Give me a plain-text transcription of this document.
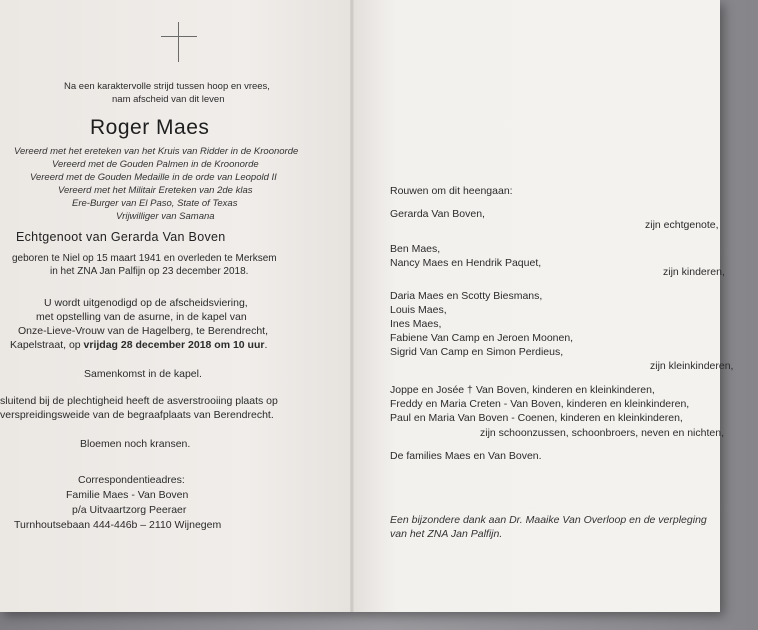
Na een karaktervolle strijd tussen hoop en vrees,
nam afscheid van dit leven
Roger Maes
Vereerd met het ereteken van het Kruis van Ridder in de Kroonorde
Vereerd met de Gouden Palmen in de Kroonorde
Vereerd met de Gouden Medaille in de orde van Leopold II
Vereerd met het Militair Ereteken van 2de klas
Ere-Burger van El Paso, State of Texas
Vrijwilliger van Samana
Echtgenoot van Gerarda Van Boven
geboren te Niel op 15 maart 1941 en overleden te Merksem
in het ZNA Jan Palfijn op 23 december 2018.
U wordt uitgenodigd op de afscheidsviering,
met opstelling van de asurne, in de kapel van
Onze-Lieve-Vrouw van de Hagelberg, te Berendrecht,
Kapelstraat, op vrijdag 28 december 2018 om 10 uur.
Samenkomst in de kapel.
sluitend bij de plechtigheid heeft de asverstrooiing plaats op
verspreidingsweide van de begraafplaats van Berendrecht.
Bloemen noch kransen.
Correspondentieadres:
Familie Maes - Van Boven
p/a Uitvaartzorg Peeraer
Turnhoutsebaan 444-446b – 2110 Wijnegem
Rouwen om dit heengaan:
Gerarda Van Boven,
zijn echtgenote,
Ben Maes,
Nancy Maes en Hendrik Paquet,
zijn kinderen,
Daria Maes en Scotty Biesmans,
Louis Maes,
Ines Maes,
Fabiene Van Camp en Jeroen Moonen,
Sigrid Van Camp en Simon Perdieus,
zijn kleinkinderen,
Joppe en Josée † Van Boven, kinderen en kleinkinderen,
Freddy en Maria Creten - Van Boven, kinderen en kleinkinderen,
Paul en Maria Van Boven - Coenen, kinderen en kleinkinderen,
zijn schoonzussen, schoonbroers, neven en nichten,
De families Maes en Van Boven.
Een bijzondere dank aan Dr. Maaike Van Overloop en de verpleging
van het ZNA Jan Palfijn.
